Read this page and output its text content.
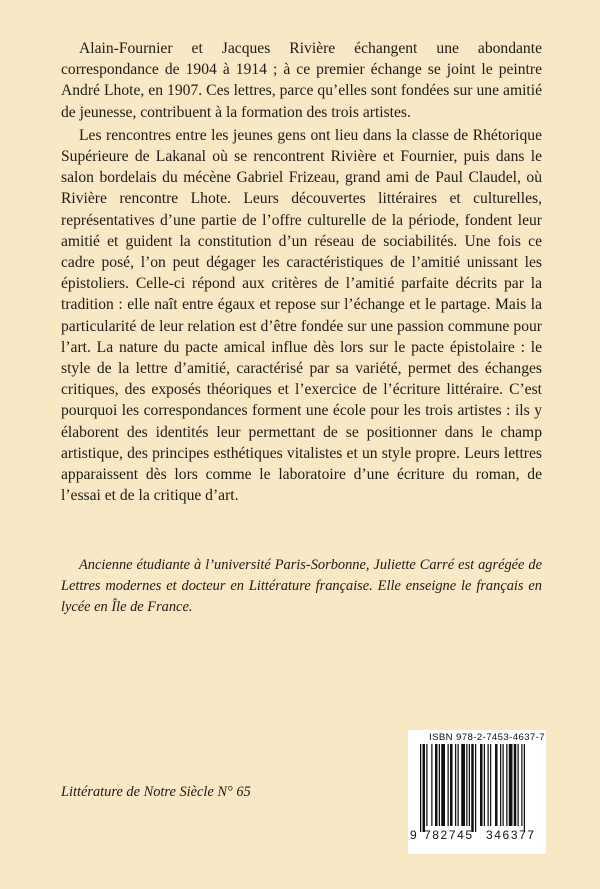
Alain-Fournier et Jacques Rivière échangent une abondante correspondance de 1904 à 1914 ; à ce premier échange se joint le peintre André Lhote, en 1907. Ces lettres, parce qu’elles sont fondées sur une amitié de jeunesse, contribuent à la formation des trois artistes.

Les rencontres entre les jeunes gens ont lieu dans la classe de Rhétorique Supérieure de Lakanal où se rencontrent Rivière et Fournier, puis dans le salon bordelais du mécène Gabriel Frizeau, grand ami de Paul Claudel, où Rivière rencontre Lhote. Leurs découvertes littéraires et culturelles, représentatives d’une partie de l’offre culturelle de la période, fondent leur amitié et guident la constitution d’un réseau de sociabilités. Une fois ce cadre posé, l’on peut dégager les caractéristiques de l’amitié unissant les épistoliers. Celle-ci répond aux critères de l’amitié parfaite décrits par la tradition : elle naît entre égaux et repose sur l’échange et le partage. Mais la particularité de leur relation est d’être fondée sur une passion commune pour l’art. La nature du pacte amical influe dès lors sur le pacte épistolaire : le style de la lettre d’amitié, caractérisé par sa variété, permet des échanges critiques, des exposés théoriques et l’exercice de l’écriture littéraire. C’est pourquoi les correspondances forment une école pour les trois artistes : ils y élaborent des identités leur permettant de se positionner dans le champ artistique, des principes esthétiques vitalistes et un style propre. Leurs lettres apparaissent dès lors comme le laboratoire d’une écriture du roman, de l’essai et de la critique d’art.

Ancienne étudiante à l’université Paris-Sorbonne, Juliette Carré est agrégée de Lettres modernes et docteur en Littérature française. Elle enseigne le français en lycée en Île de France.
Littérature de Notre Siècle N° 65
ISBN 978-2-7453-4637-7
9 782745 346377
